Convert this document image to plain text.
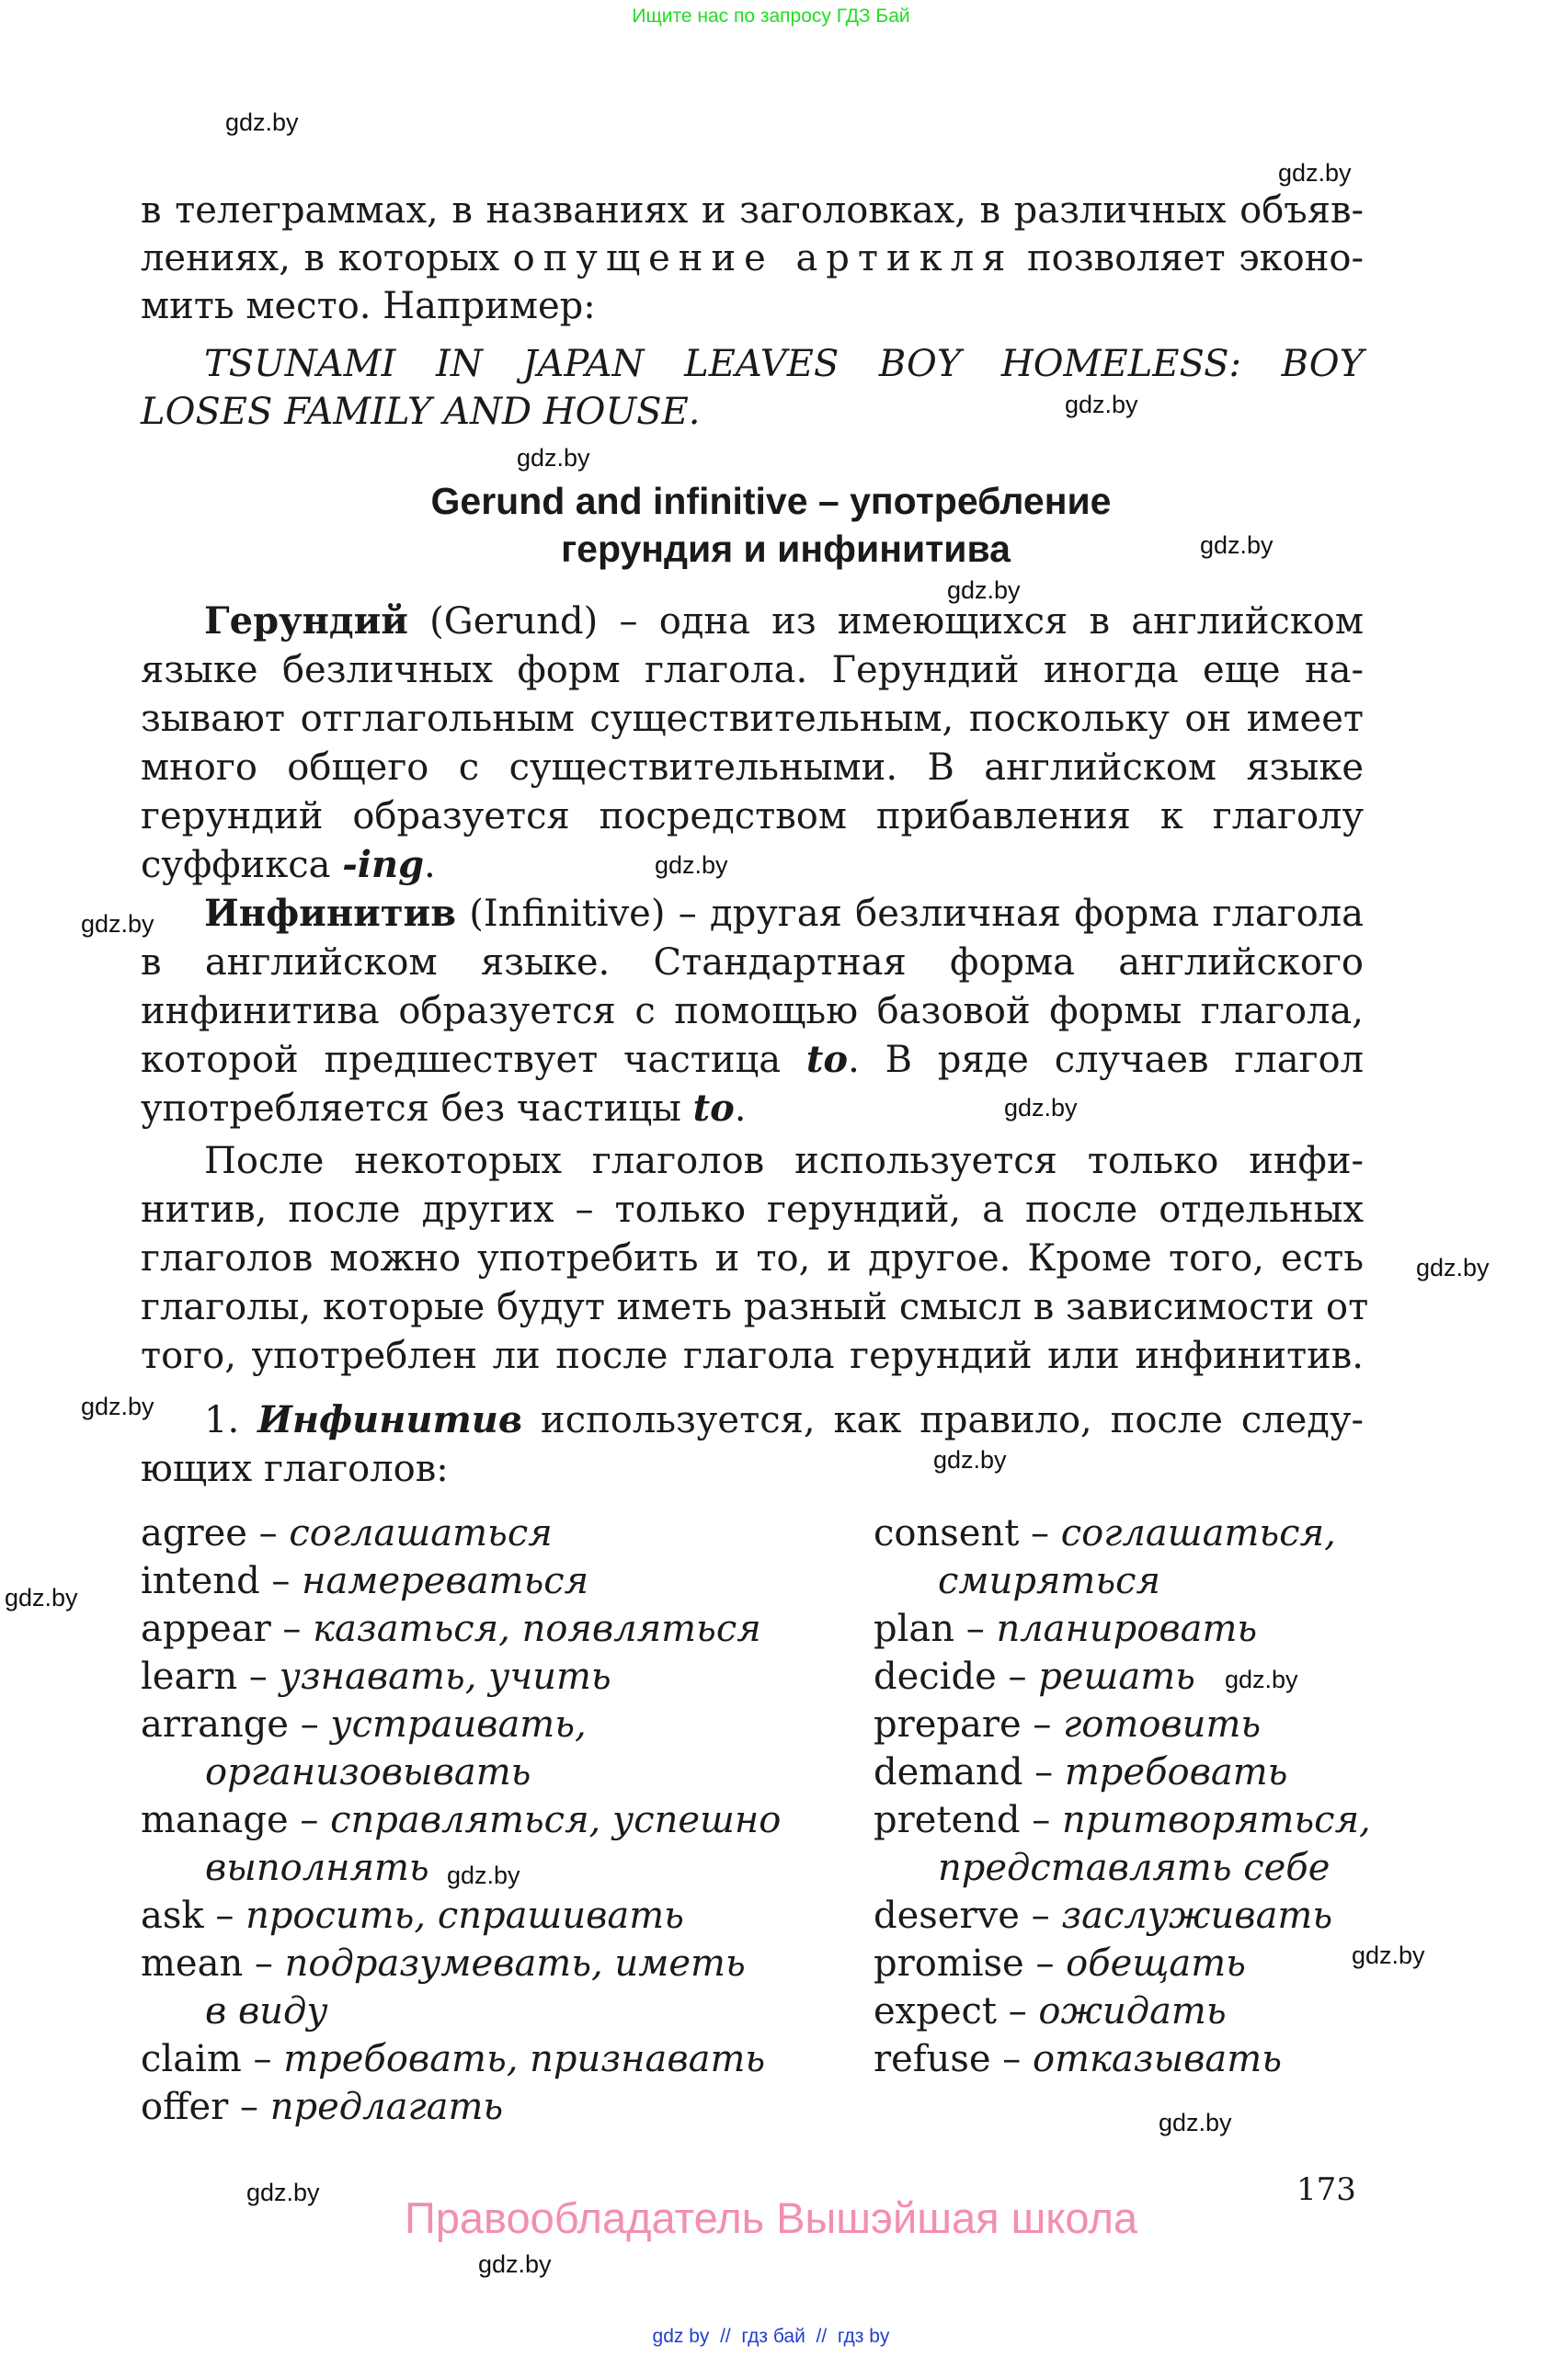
Ищите нас по запросу ГДЗ Бай
gdz.by
gdz.by
gdz.by
gdz.by
gdz.by
gdz.by
gdz.by
gdz.by
gdz.by
gdz.by
gdz.by
gdz.by
gdz.by
gdz.by
gdz.by
gdz.by
gdz.by
gdz.by
gdz.by
в телеграммах, в названиях и заголовках, в различных объяв-
лениях, в которых опущение артикля позволяет эконо-
мить место. Например:
TSUNAMI IN JAPAN LEAVES BOY HOMELESS: BOY
LOSES FAMILY AND HOUSE.
Gerund and infinitive – употребление
герундия и инфинитива
Герундий (Gerund) – одна из имеющихся в английском
языке безличных форм глагола. Герундий иногда еще на-
зывают отглагольным существительным, поскольку он имеет
много общего с существительными. В английском языке
герундий образуется посредством прибавления к глаголу
суффикса -ing.
Инфинитив (Infinitive) – другая безличная форма глагола
в английском языке. Стандартная форма английского
инфинитива образуется с помощью базовой формы глагола,
которой предшествует частица to. В ряде случаев глагол
употребляется без частицы to.
После некоторых глаголов используется только инфи-
нитив, после других – только герундий, а после отдельных
глаголов можно употребить и то, и другое. Кроме того, есть
глаголы, которые будут иметь разный смысл в зависимости от
того, употреблен ли после глагола герундий или инфинитив.
1. Инфинитив используется, как правило, после следу-
ющих глаголов:
agree – соглашаться
intend – намереваться
appear – казаться, появляться
learn – узнавать, учить
arrange – устраивать,
организовывать
manage – справляться, успешно
выполнять
ask – просить, спрашивать
mean – подразумевать, иметь
в виду
claim – требовать, признавать
offer – предлагать
consent – соглашаться,
смиряться
plan – планировать
decide – решать
prepare – готовить
demand – требовать
pretend – притворяться,
представлять себе
deserve – заслуживать
promise – обещать
expect – ожидать
refuse – отказывать
173
Правообладатель Вышэйшая школа
gdz by  //  гдз бай  //  гдз by
